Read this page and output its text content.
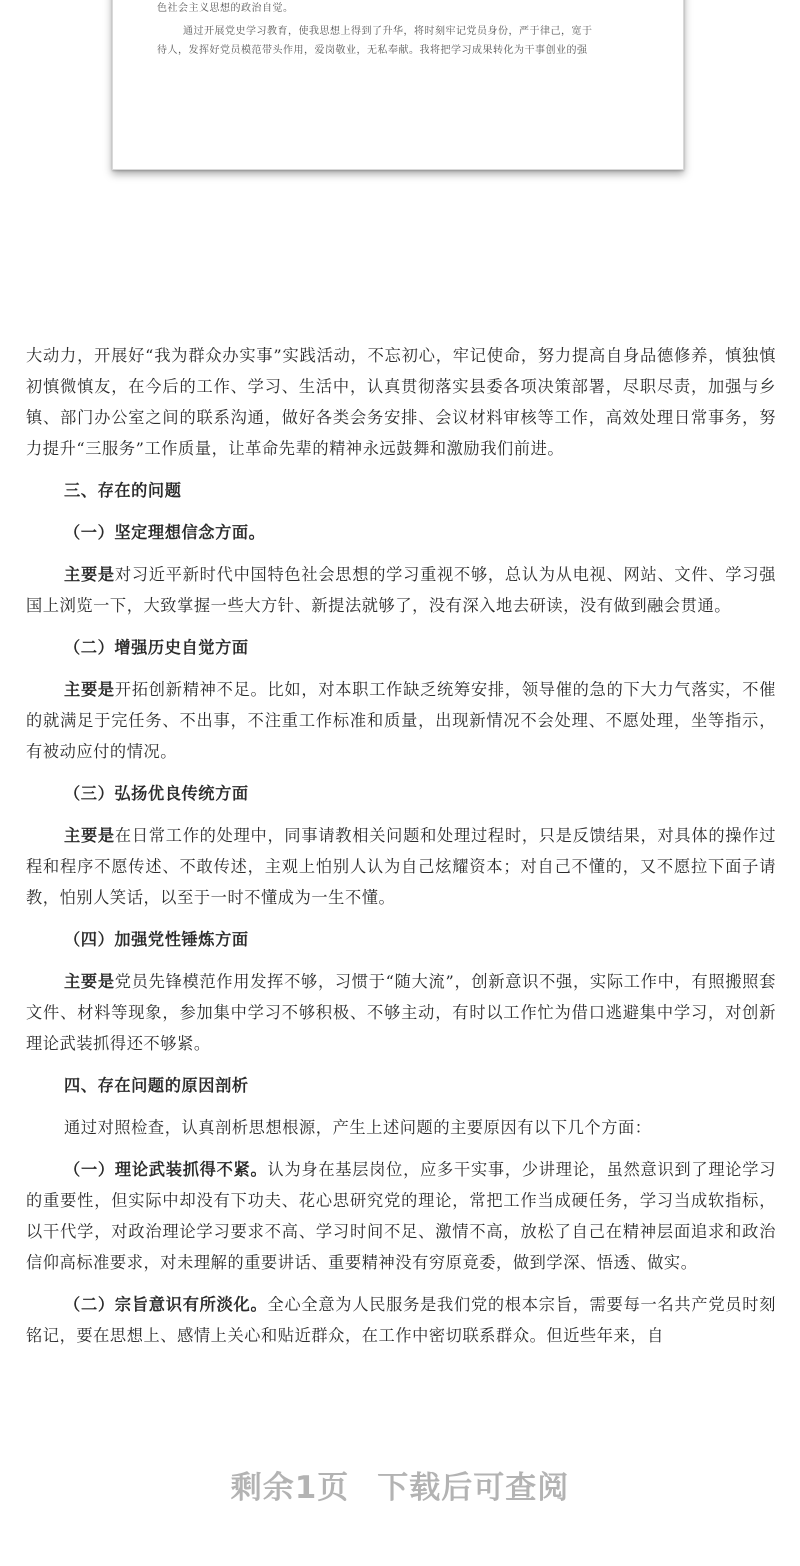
色社会主义思想的政治自觉。
通过开展党史学习教育，使我思想上得到了升华，将时刻牢记党员身份，严于律己，宽于
待人，发挥好党员模范带头作用，爱岗敬业，无私奉献。我将把学习成果转化为干事创业的强

大动力，开展好“我为群众办实事”实践活动，不忘初心，牢记使命，努力提高自身品德修养，慎独慎初慎微慎友，在今后的工作、学习、生活中，认真贯彻落实县委各项决策部署，尽职尽责，加强与乡镇、部门办公室之间的联系沟通，做好各类会务安排、会议材料审核等工作，高效处理日常事务，努力提升“三服务”工作质量，让革命先辈的精神永远鼓舞和激励我们前进。

三、存在的问题

（一）坚定理想信念方面。

主要是对习近平新时代中国特色社会思想的学习重视不够，总认为从电视、网站、文件、学习强国上浏览一下，大致掌握一些大方针、新提法就够了，没有深入地去研读，没有做到融会贯通。

（二）增强历史自觉方面

主要是开拓创新精神不足。比如，对本职工作缺乏统筹安排，领导催的急的下大力气落实，不催的就满足于完任务、不出事，不注重工作标准和质量，出现新情况不会处理、不愿处理，坐等指示，有被动应付的情况。

（三）弘扬优良传统方面

主要是在日常工作的处理中，同事请教相关问题和处理过程时，只是反馈结果，对具体的操作过程和程序不愿传述、不敢传述，主观上怕别人认为自己炫耀资本；对自己不懂的，又不愿拉下面子请教，怕别人笑话，以至于一时不懂成为一生不懂。

（四）加强党性锤炼方面

主要是党员先锋模范作用发挥不够，习惯于“随大流”，创新意识不强，实际工作中，有照搬照套文件、材料等现象，参加集中学习不够积极、不够主动，有时以工作忙为借口逃避集中学习，对创新理论武装抓得还不够紧。

四、存在问题的原因剖析

通过对照检查，认真剖析思想根源，产生上述问题的主要原因有以下几个方面：

（一）理论武装抓得不紧。认为身在基层岗位，应多干实事，少讲理论，虽然意识到了理论学习的重要性，但实际中却没有下功夫、花心思研究党的理论，常把工作当成硬任务，学习当成软指标，以干代学，对政治理论学习要求不高、学习时间不足、激情不高，放松了自己在精神层面追求和政治信仰高标准要求，对未理解的重要讲话、重要精神没有穷原竟委，做到学深、悟透、做实。

（二）宗旨意识有所淡化。全心全意为人民服务是我们党的根本宗旨，需要每一名共产党员时刻铭记，要在思想上、感情上关心和贴近群众，在工作中密切联系群众。但近些年来，自

剩余1页 下载后可查阅
